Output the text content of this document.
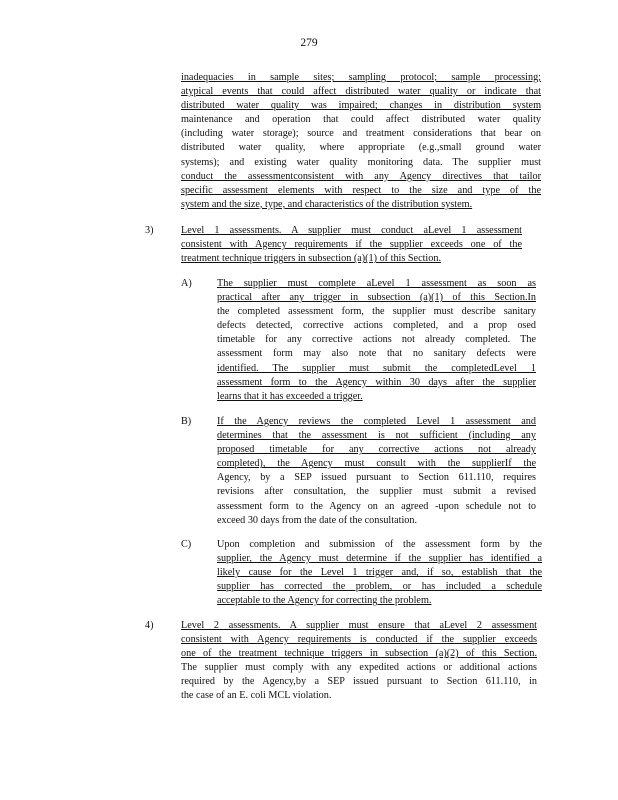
279
inadequacies in sample sites; sampling protocol; sample processing;
atypical events that could affect distributed water quality or indicate that
distributed water quality was impaired; changes in distribution system
maintenance and operation that could affect distributed water quality
(including water storage); source and treatment considerations that bear on
distributed water quality, where appropriate (e.g.,small ground water
systems); and existing water quality monitoring data. The supplier must
conduct the assessmentconsistent with any Agency directives that tailor
specific assessment elements with respect to the size and type of the
system and the size, type, and characteristics of the distribution system.
3)	Level 1 assessments. A supplier must conduct aLevel 1 assessment
consistent with Agency requirements if the supplier exceeds one of the
treatment technique triggers in subsection (a)(1) of this Section.
A) The supplier must complete aLevel 1 assessment as soon as
practical after any trigger in subsection (a)(1) of this Section.In
the completed assessment form, the supplier must describe sanitary
defects detected, corrective actions completed, and a prop osed
timetable for any corrective actions not already completed. The
assessment form may also note that no sanitary defects were
identified. The supplier must submit the completedLevel 1
assessment form to the Agency within 30 days after the supplier
learns that it has exceeded a trigger.
B)	If the Agency reviews the completed Level 1 assessment and
determines that the assessment is not sufficient (including any
proposed timetable for any corrective actions not already
completed), the Agency must consult with the supplierIf the
Agency, by a SEP issued pursuant to Section 611.110, requires
revisions after consultation, the supplier must submit a revised
assessment form to the Agency on an agreed -upon schedule not to
exceed 30 days from the date of the consultation.
C)	Upon completion and submission of the assessment form by the
supplier, the Agency must determine if the supplier has identified a
likely cause for the Level 1 trigger and, if so, establish that the
supplier has corrected the problem, or has included a schedule
acceptable to the Agency for correcting the problem.
4)	Level 2 assessments. A supplier must ensure that aLevel 2 assessment
consistent with Agency requirements is conducted if the supplier exceeds
one of the treatment technique triggers in subsection (a)(2) of this Section.
The supplier must comply with any expedited actions or additional actions
required by the Agency,by a SEP issued pursuant to Section 611.110, in
the case of an E. coli MCL violation.
